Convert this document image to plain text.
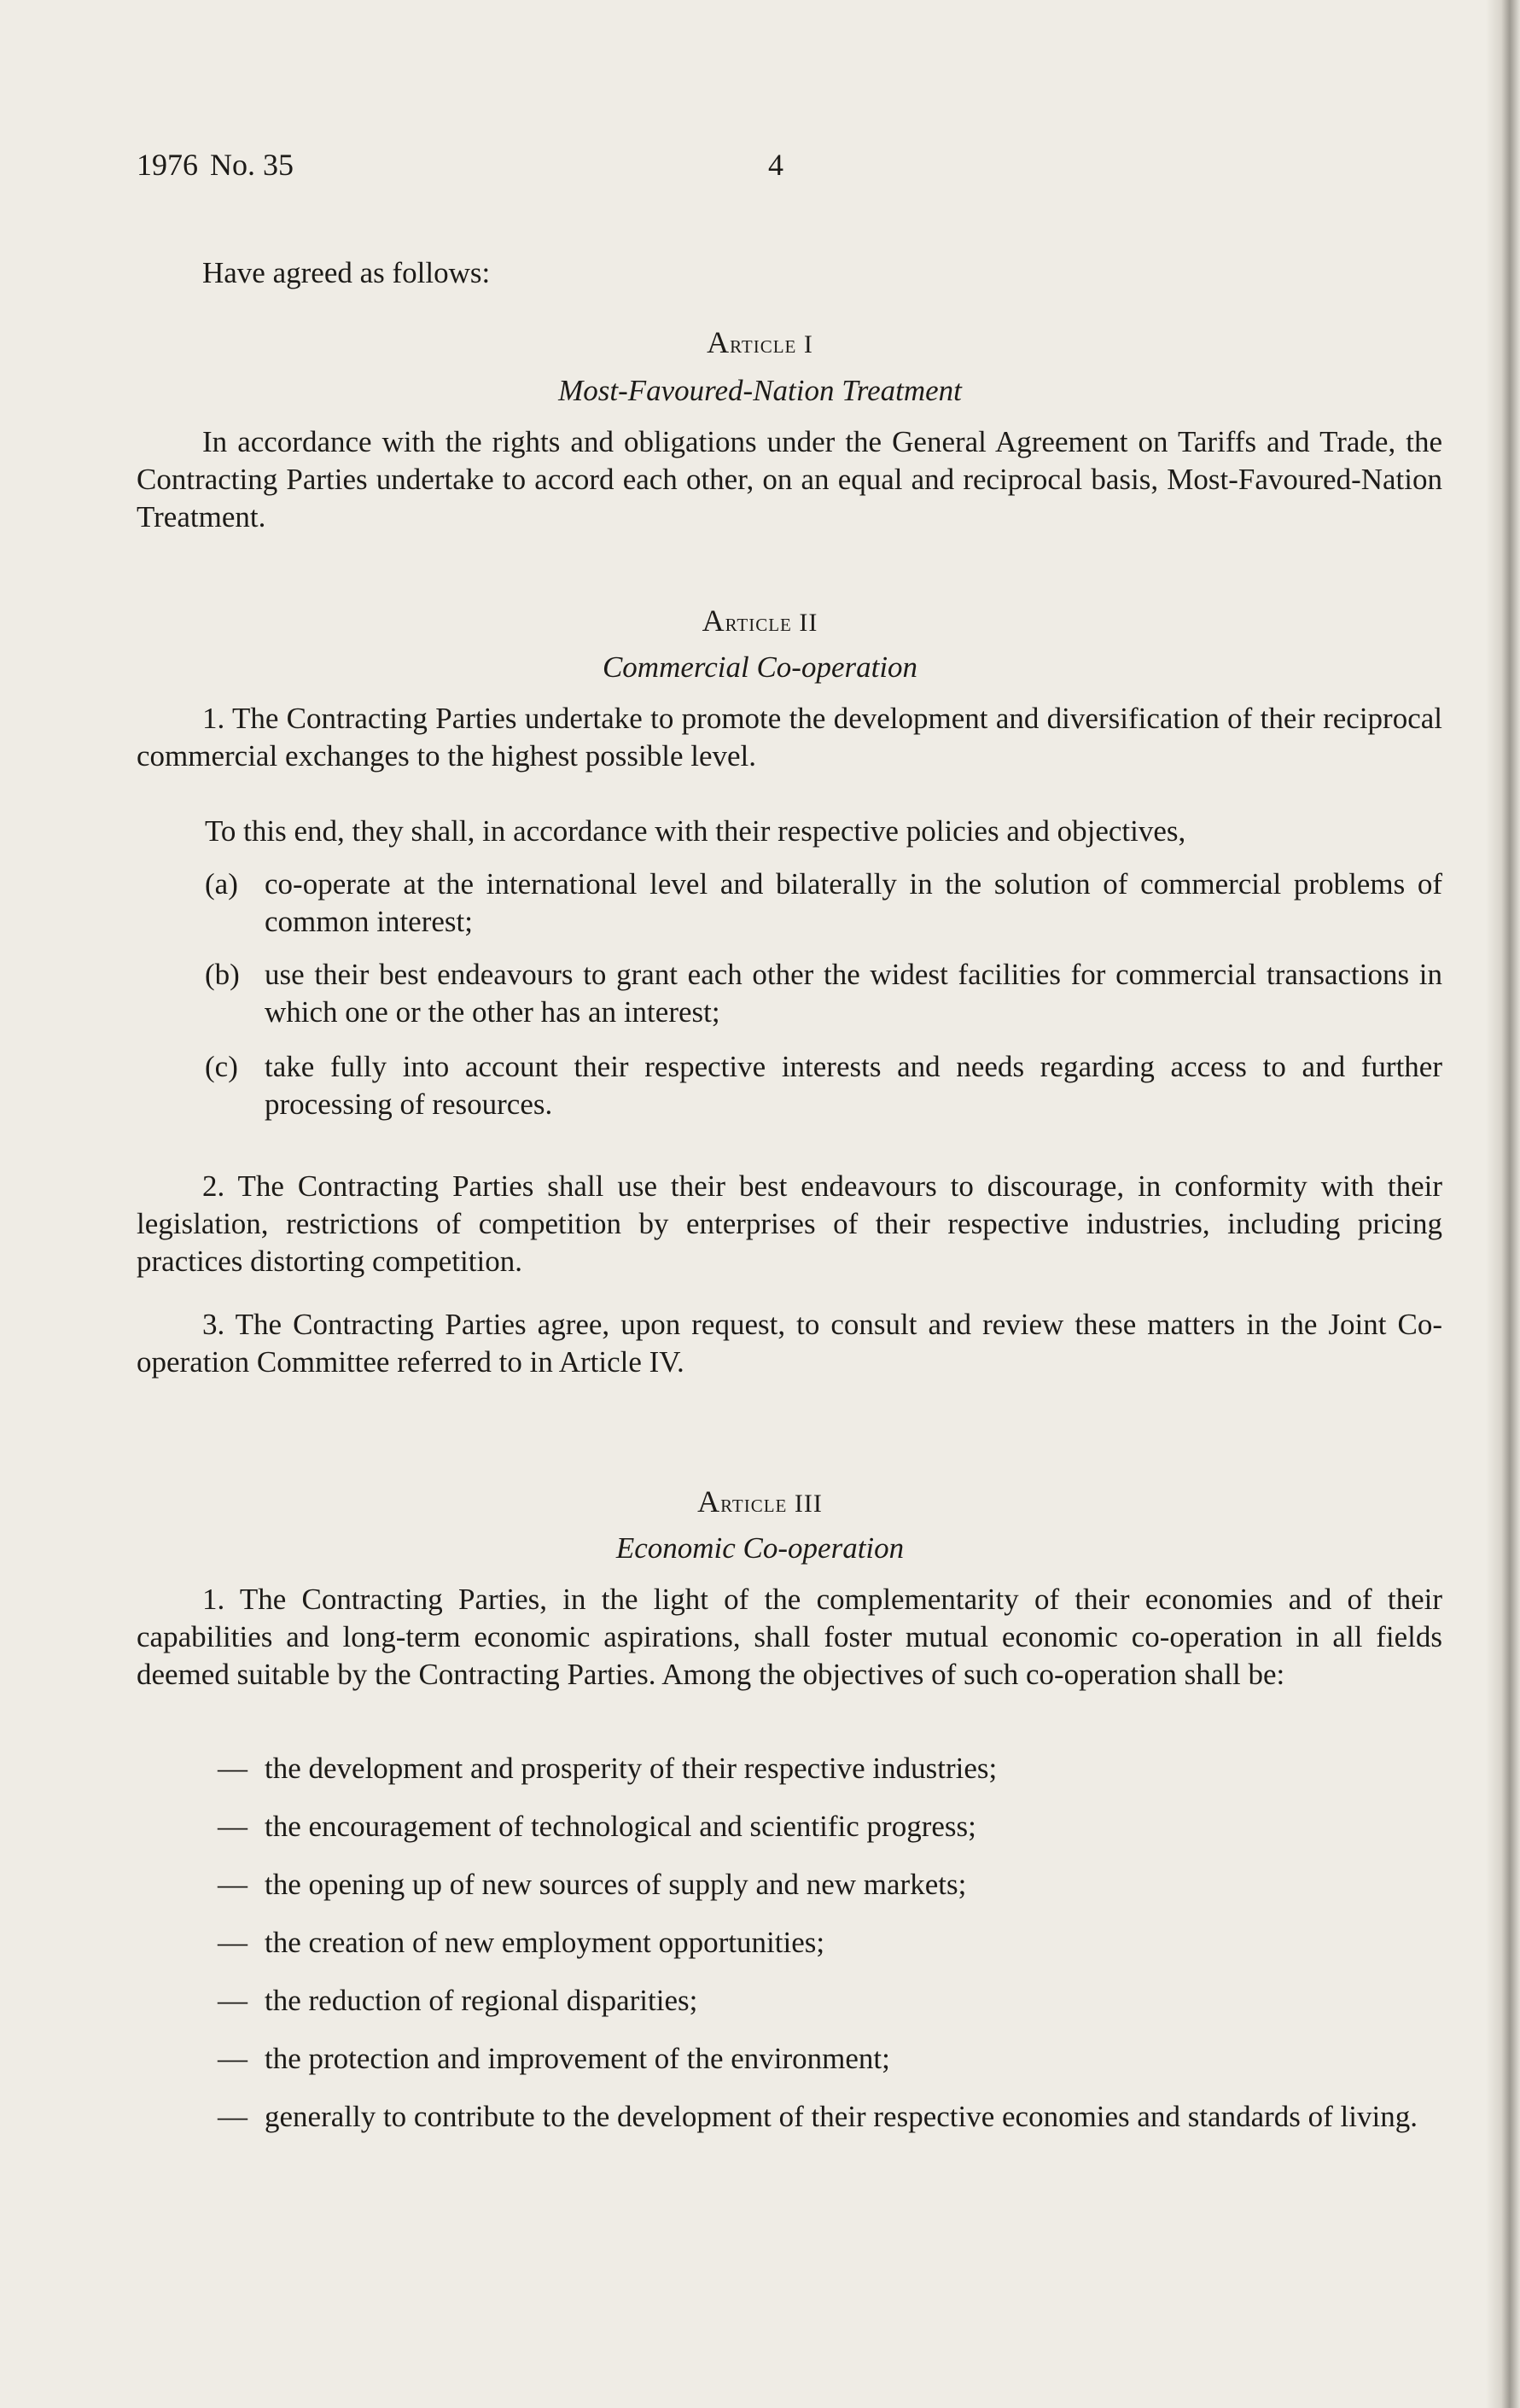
1976 No. 35	4

Have agreed as follows:

Article I
Most-Favoured-Nation Treatment

In accordance with the rights and obligations under the General Agreement on Tariffs and Trade, the Contracting Parties undertake to accord each other, on an equal and reciprocal basis, Most-Favoured-Nation Treatment.

Article II
Commercial Co-operation

1. The Contracting Parties undertake to promote the development and diversification of their reciprocal commercial exchanges to the highest possible level.

To this end, they shall, in accordance with their respective policies and objectives,

(a) co-operate at the international level and bilaterally in the solution of commercial problems of common interest;
(b) use their best endeavours to grant each other the widest facilities for commercial transactions in which one or the other has an interest;
(c) take fully into account their respective interests and needs regarding access to and further processing of resources.

2. The Contracting Parties shall use their best endeavours to discourage, in conformity with their legislation, restrictions of competition by enterprises of their respective industries, including pricing practices distorting competition.

3. The Contracting Parties agree, upon request, to consult and review these matters in the Joint Co-operation Committee referred to in Article IV.

Article III
Economic Co-operation

1. The Contracting Parties, in the light of the complementarity of their economies and of their capabilities and long-term economic aspirations, shall foster mutual economic co-operation in all fields deemed suitable by the Contracting Parties. Among the objectives of such co-operation shall be:

— the development and prosperity of their respective industries;
— the encouragement of technological and scientific progress;
— the opening up of new sources of supply and new markets;
— the creation of new employment opportunities;
— the reduction of regional disparities;
— the protection and improvement of the environment;
— generally to contribute to the development of their respective economies and standards of living.
